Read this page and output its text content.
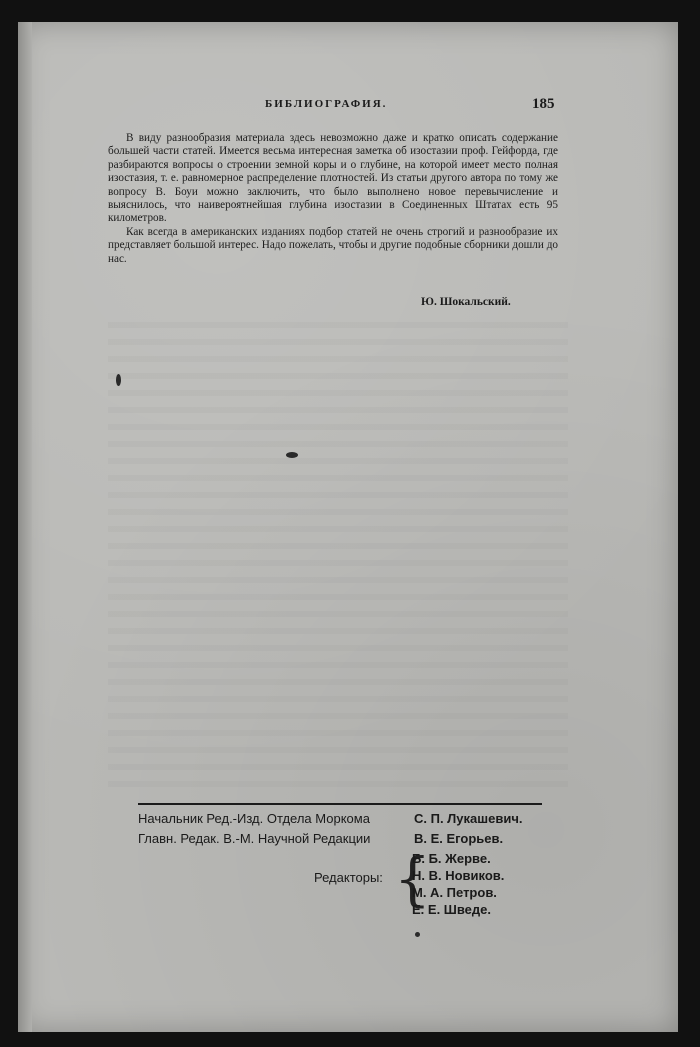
БИБЛИОГРАФИЯ.	185

В виду разнообразия материала здесь невозможно даже и кратко описать содержание большей части статей. Имеется весьма интересная заметка об изостазии проф. Гейфорда, где разбираются вопросы о строении земной коры и о глубине, на которой имеет место полная изостазия, т. е. равномерное распределение плотностей. Из статьи другого автора по тому же вопросу В. Боуи можно заключить, что было выполнено новое перевычисление и выяснилось, что наивероятнейшая глубина изостазии в Соединенных Штатах есть 95 километров.

Как всегда в американских изданиях подбор статей не очень строгий и разнообразие их представляет большой интерес. Надо пожелать, чтобы и другие подобные сборники дошли до нас.

Ю. Шокальский.
Начальник Ред.-Изд. Отдела Моркома	С. П. Лукашевич.
Главн. Редак. В.-М. Научной Редакции	В. Е. Егорьев.
Редакторы: {
Б. Б. Жерве.
Н. В. Новиков.
М. А. Петров.
Е. Е. Шведе.
